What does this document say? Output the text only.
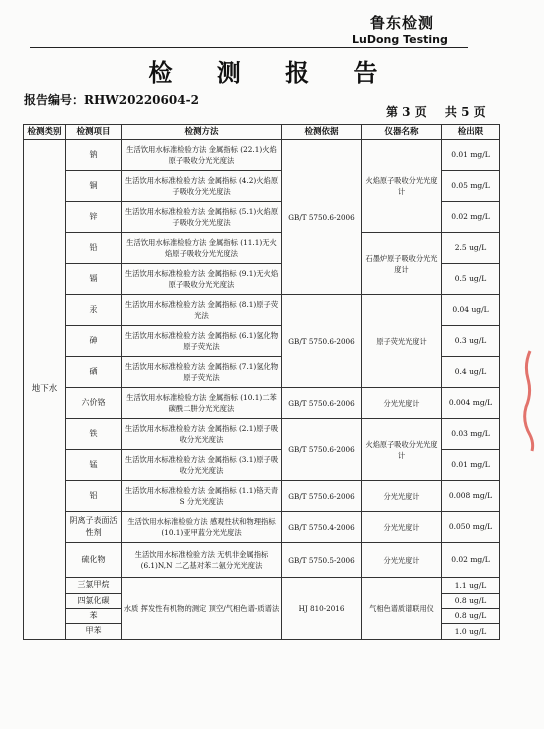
鲁东检测
LuDong Testing
检 测 报 告
报告编号：RHW20220604-2
第 3 页 共 5 页
检测类别	检测项目	检测方法	检测依据	仪器名称	检出限
地下水	钠	生活饮用水标准检验方法 金属指标 (22.1)火焰原子吸收分光光度法	GB/T 5750.6-2006	火焰原子吸收分光光度计	0.01 mg/L
	铜	生活饮用水标准检验方法 金属指标 (4.2)火焰原子吸收分光光度法			0.05 mg/L
	锌	生活饮用水标准检验方法 金属指标 (5.1)火焰原子吸收分光光度法			0.02 mg/L
	铅	生活饮用水标准检验方法 金属指标 (11.1)无火焰原子吸收分光光度法		石墨炉原子吸收分光光度计	2.5 ug/L
	镉	生活饮用水标准检验方法 金属指标 (9.1)无火焰原子吸收分光光度法			0.5 ug/L
	汞	生活饮用水标准检验方法 金属指标 (8.1)原子荧光法	GB/T 5750.6-2006	原子荧光光度计	0.04 ug/L
	砷	生活饮用水标准检验方法 金属指标 (6.1)氢化物原子荧光法			0.3 ug/L
	硒	生活饮用水标准检验方法 金属指标 (7.1)氢化物原子荧光法			0.4 ug/L
	六价铬	生活饮用水标准检验方法 金属指标 (10.1)二苯碳酰二肼分光光度法	GB/T 5750.6-2006	分光光度计	0.004 mg/L
	铁	生活饮用水标准检验方法 金属指标 (2.1)原子吸收分光光度法	GB/T 5750.6-2006	火焰原子吸收分光光度计	0.03 mg/L
	锰	生活饮用水标准检验方法 金属指标 (3.1)原子吸收分光光度法			0.01 mg/L
	铝	生活饮用水标准检验方法 金属指标 (1.1)铬天青 S 分光光度法	GB/T 5750.6-2006	分光光度计	0.008 mg/L
	阴离子表面活性剂	生活饮用水标准检验方法 感观性状和物理指标(10.1)亚甲蓝分光光度法	GB/T 5750.4-2006	分光光度计	0.050 mg/L
	硫化物	生活饮用水标准检验方法 无机非金属指标(6.1)N,N 二乙基对苯二氨分光光度法	GB/T 5750.5-2006	分光光度计	0.02 mg/L
	三氯甲烷	水质 挥发性有机物的测定 顶空/气相色谱-质谱法	HJ 810-2016	气相色谱质谱联用仪	1.1 ug/L
	四氯化碳				0.8 ug/L
	苯				0.8 ug/L
	甲苯				1.0 ug/L
